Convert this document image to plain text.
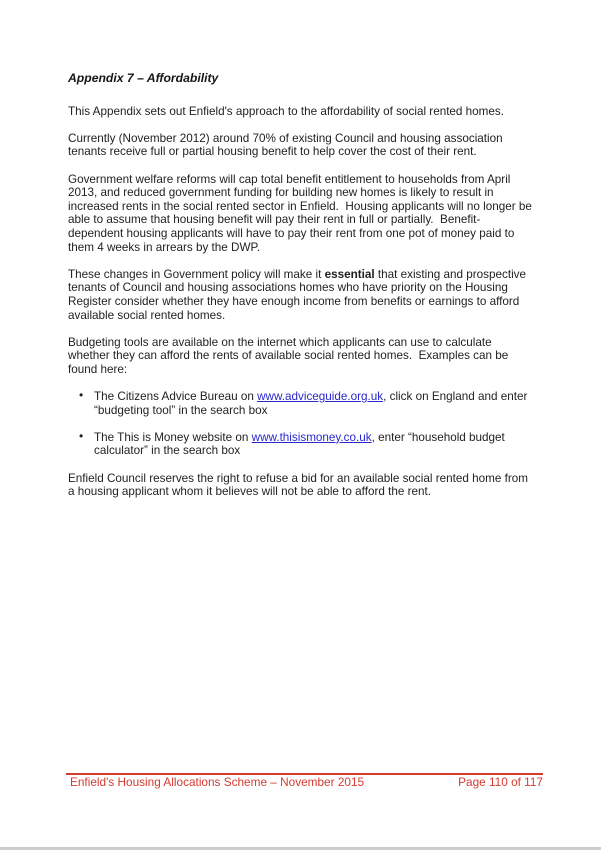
Appendix 7 – Affordability

This Appendix sets out Enfield's approach to the affordability of social rented homes.

Currently (November 2012) around 70% of existing Council and housing association tenants receive full or partial housing benefit to help cover the cost of their rent.

Government welfare reforms will cap total benefit entitlement to households from April 2013, and reduced government funding for building new homes is likely to result in increased rents in the social rented sector in Enfield.  Housing applicants will no longer be able to assume that housing benefit will pay their rent in full or partially.  Benefit-dependent housing applicants will have to pay their rent from one pot of money paid to them 4 weeks in arrears by the DWP.

These changes in Government policy will make it essential that existing and prospective tenants of Council and housing associations homes who have priority on the Housing Register consider whether they have enough income from benefits or earnings to afford available social rented homes.

Budgeting tools are available on the internet which applicants can use to calculate whether they can afford the rents of available social rented homes.  Examples can be found here:

• The Citizens Advice Bureau on www.adviceguide.org.uk, click on England and enter “budgeting tool” in the search box
• The This is Money website on www.thisismoney.co.uk, enter “household budget calculator” in the search box

Enfield Council reserves the right to refuse a bid for an available social rented home from a housing applicant whom it believes will not be able to afford the rent.

Enfield's Housing Allocations Scheme – November 2015	Page 110 of 117
